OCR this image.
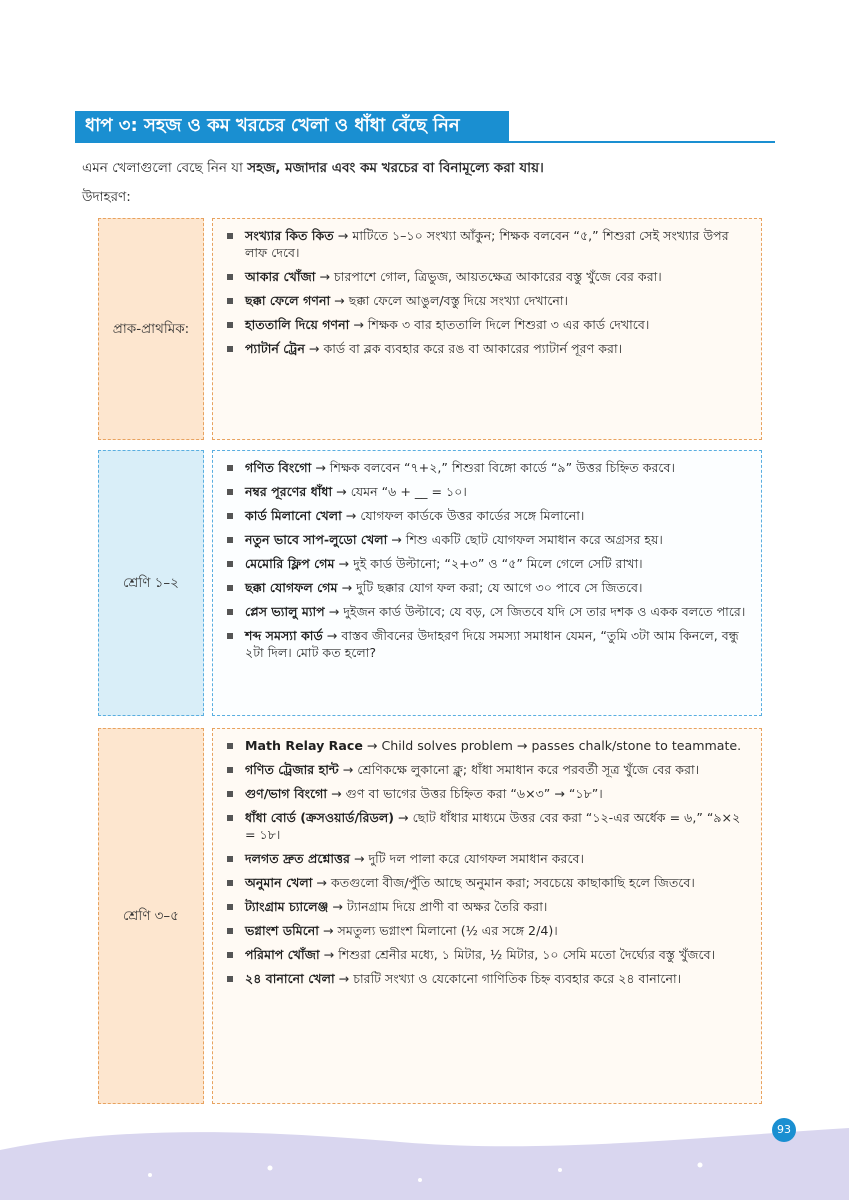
ধাপ ৩: সহজ ও কম খরচের খেলা ও ধাঁধা বেঁছে নিন
এমন খেলাগুলো বেছে নিন যা সহজ, মজাদার এবং কম খরচের বা বিনামূল্যে করা যায়।
উদাহরণ:
প্রাক-প্রাথমিক:
সংখ্যার কিত কিত → মাটিতে ১–১০ সংখ্যা আঁকুন; শিক্ষক বলবেন “৫,” শিশুরা সেই সংখ্যার উপর লাফ দেবে।
আকার খোঁজা → চারপাশে গোল, ত্রিভুজ, আয়তক্ষেত্র আকারের বস্তু খুঁজে বের করা।
ছক্কা ফেলে গণনা → ছক্কা ফেলে আঙুল/বস্তু দিয়ে সংখ্যা দেখানো।
হাততালি দিয়ে গণনা → শিক্ষক ৩ বার হাততালি দিলে শিশুরা ৩ এর কার্ড দেখাবে।
প্যাটার্ন ট্রেন → কার্ড বা ব্লক ব্যবহার করে রঙ বা আকারের প্যাটার্ন পূরণ করা।
শ্রেণি ১–২
গণিত বিংগো → শিক্ষক বলবেন “৭+২,” শিশুরা বিঙ্গো কার্ডে “৯” উত্তর চিহ্নিত করবে।
নম্বর পূরণের ধাঁধা → যেমন “৬ + __ = ১০।
কার্ড মিলানো খেলা → যোগফল কার্ডকে উত্তর কার্ডের সঙ্গে মিলানো।
নতুন ভাবে সাপ-লুডো খেলা → শিশু একটি ছোট যোগফল সমাধান করে অগ্রসর হয়।
মেমোরি ফ্লিপ গেম → দুই কার্ড উল্টানো; “২+৩” ও “৫” মিলে গেলে সেটি রাখা।
ছক্কা যোগফল গেম → দুটি ছক্কার যোগ ফল করা; যে আগে ৩০ পাবে সে জিতবে।
প্লেস ভ্যালু ম্যাপ → দুইজন কার্ড উল্টাবে; যে বড়, সে জিতবে যদি সে তার দশক ও একক বলতে পারে।
শব্দ সমস্যা কার্ড → বাস্তব জীবনের উদাহরণ দিয়ে সমস্যা সমাধান যেমন, “তুমি ৩টা আম কিনলে, বন্ধু ২টা দিল। মোট কত হলো?
শ্রেণি ৩–৫
Math Relay Race → Child solves problem → passes chalk/stone to teammate.
গণিত ট্রেজার হান্ট → শ্রেণিকক্ষে লুকানো ক্লু; ধাঁধা সমাধান করে পরবর্তী সূত্র খুঁজে বের করা।
গুণ/ভাগ বিংগো → গুণ বা ভাগের উত্তর চিহ্নিত করা “৬×৩” → “১৮”।
ধাঁধা বোর্ড (ক্রসওয়ার্ড/রিডল) → ছোট ধাঁধার মাধ্যমে উত্তর বের করা “১২-এর অর্ধেক = ৬,” “৯×২ = ১৮।
দলগত দ্রুত প্রশ্নোত্তর → দুটি দল পালা করে যোগফল সমাধান করবে।
অনুমান খেলা → কতগুলো বীজ/পুঁতি আছে অনুমান করা; সবচেয়ে কাছাকাছি হলে জিতবে।
ট্যাংগ্রাম চ্যালেঞ্জ → ট্যানগ্রাম দিয়ে প্রাণী বা অক্ষর তৈরি করা।
ভগ্নাংশ ডমিনো → সমতুল্য ভগ্নাংশ মিলানো (½ এর সঙ্গে 2/4)।
পরিমাপ খোঁজা → শিশুরা শ্রেনীর মধ্যে, ১ মিটার, ½ মিটার, ১০ সেমি মতো দৈর্ঘ্যের বস্তু খুঁজবে।
২৪ বানানো খেলা → চারটি সংখ্যা ও যেকোনো গাণিতিক চিহ্ন ব্যবহার করে ২৪ বানানো।
93
